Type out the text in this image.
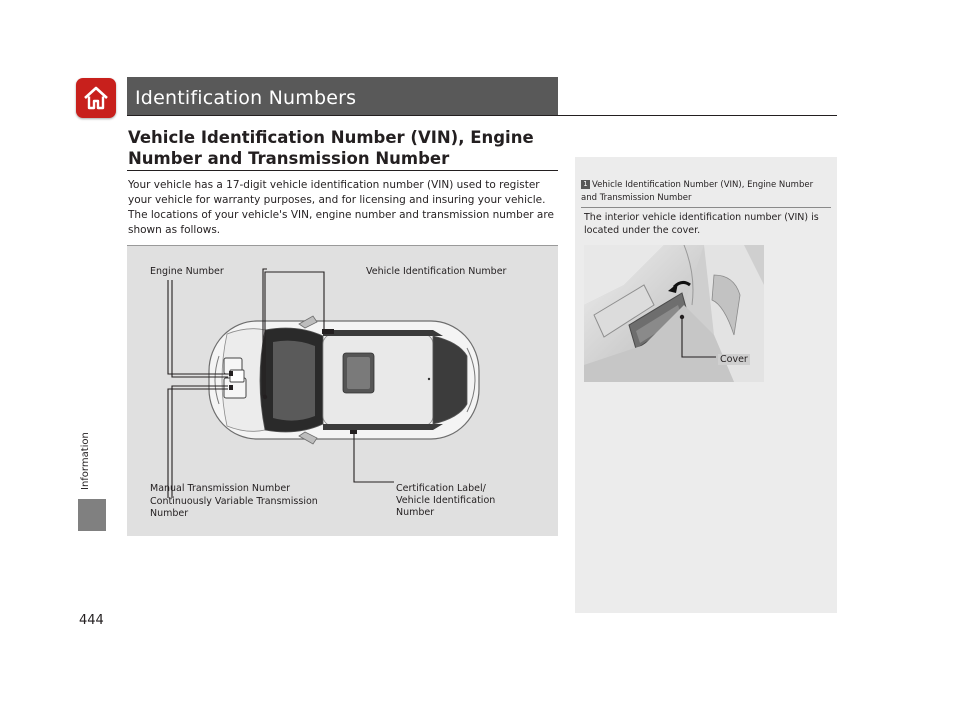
Identification Numbers
Information
444
Vehicle Identification Number (VIN), Engine Number and Transmission Number

Your vehicle has a 17-digit vehicle identification number (VIN) used to register your vehicle for warranty purposes, and for licensing and insuring your vehicle.

The locations of your vehicle's VIN, engine number and transmission number are shown as follows.

Engine Number	Vehicle Identification Number
Manual Transmission Number
Continuously Variable Transmission Number
Certification Label/ Vehicle Identification Number
1 Vehicle Identification Number (VIN), Engine Number and Transmission Number
The interior vehicle identification number (VIN) is located under the cover.
Cover
